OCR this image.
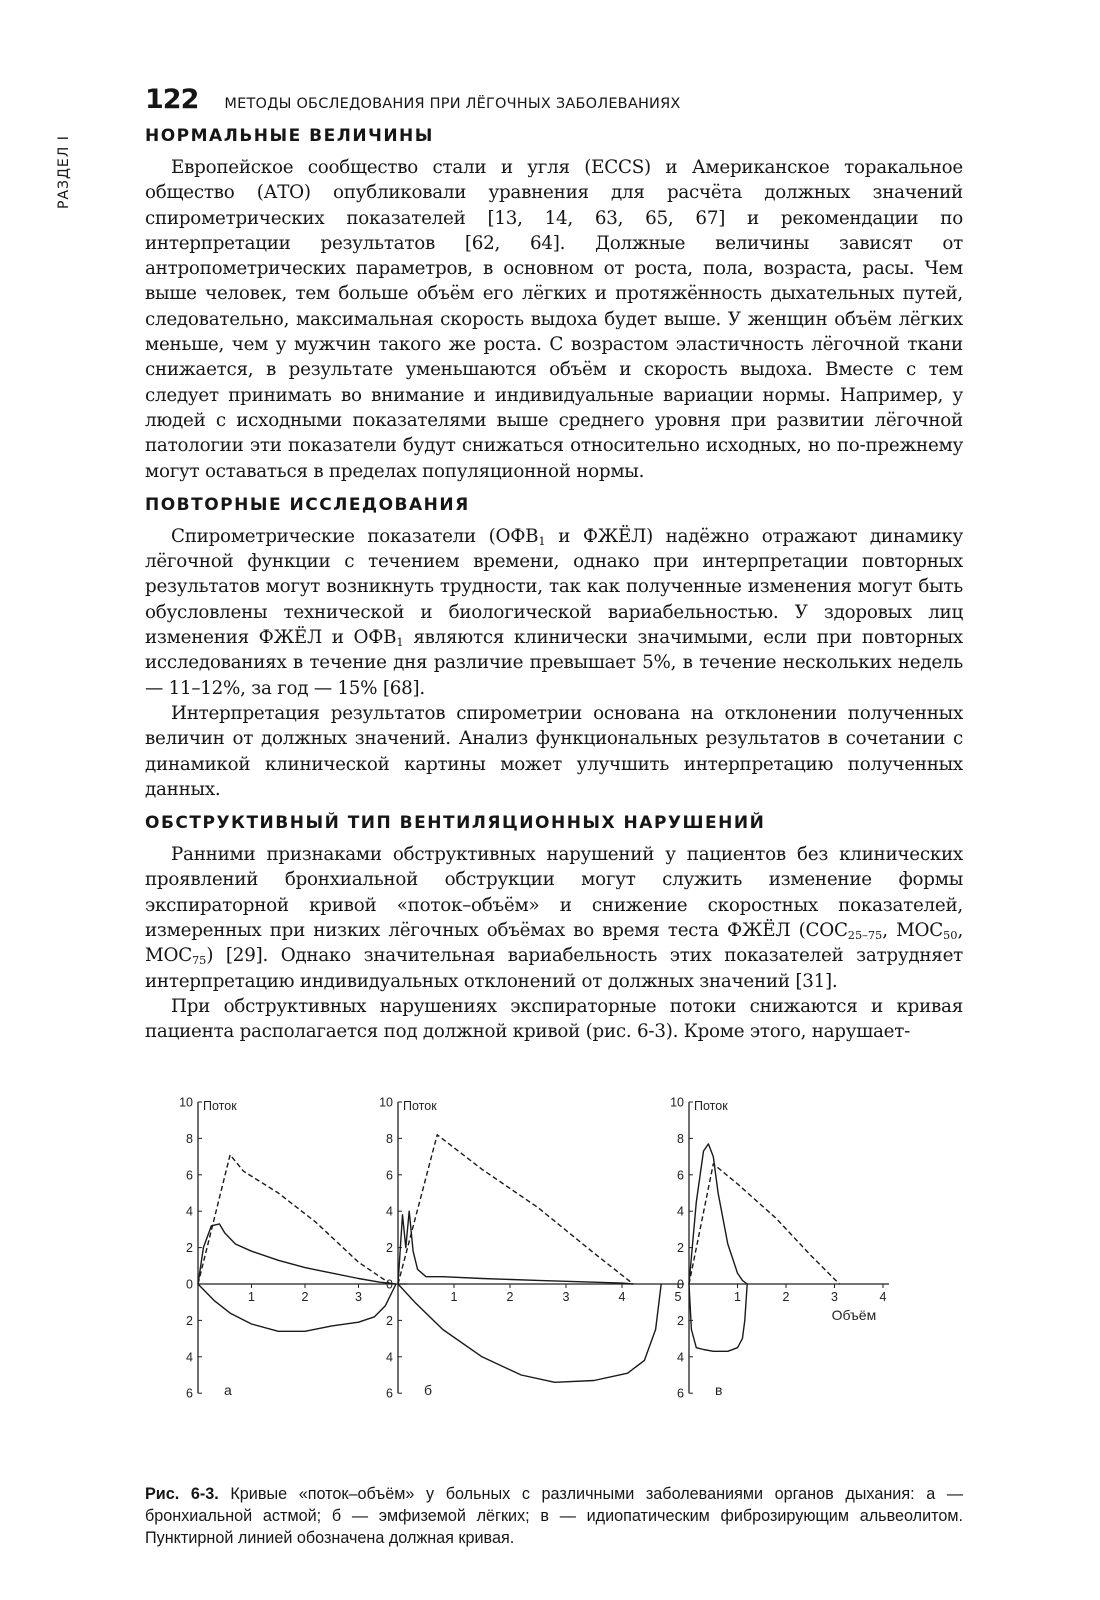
РАЗДЕЛ I
122 МЕТОДЫ ОБСЛЕДОВАНИЯ ПРИ ЛЁГОЧНЫХ ЗАБОЛЕВАНИЯХ
НОРМАЛЬНЫЕ ВЕЛИЧИНЫ

Европейское сообщество стали и угля (ECCS) и Американское торакальное общество (АТО) опубликовали уравнения для расчёта должных значений спирометрических показателей [13, 14, 63, 65, 67] и рекомендации по интерпретации результатов [62, 64]. Должные величины зависят от антропометрических параметров, в основном от роста, пола, возраста, расы. Чем выше человек, тем больше объём его лёгких и протяжённость дыхательных путей, следовательно, максимальная скорость выдоха будет выше. У женщин объём лёгких меньше, чем у мужчин такого же роста. С возрастом эластичность лёгочной ткани снижается, в результате уменьшаются объём и скорость выдоха. Вместе с тем следует принимать во внимание и индивидуальные вариации нормы. Например, у людей с исходными показателями выше среднего уровня при развитии лёгочной патологии эти показатели будут снижаться относительно исходных, но по-прежнему могут оставаться в пределах популяционной нормы.

ПОВТОРНЫЕ ИССЛЕДОВАНИЯ

Спирометрические показатели ($ОФВ_1$ и ФЖЁЛ) надёжно отражают динамику лёгочной функции с течением времени, однако при интерпретации повторных результатов могут возникнуть трудности, так как полученные изменения могут быть обусловлены технической и биологической вариабельностью. У здоровых лиц изменения ФЖЁЛ и $ОФВ_1$ являются клинически значимыми, если при повторных исследованиях в течение дня различие превышает 5%, в течение нескольких недель — 11–12%, за год — 15% [68].

Интерпретация результатов спирометрии основана на отклонении полученных величин от должных значений. Анализ функциональных результатов в сочетании с динамикой клинической картины может улучшить интерпретацию полученных данных.

ОБСТРУКТИВНЫЙ ТИП ВЕНТИЛЯЦИОННЫХ НАРУШЕНИЙ

Ранними признаками обструктивных нарушений у пациентов без клинических проявлений бронхиальной обструкции могут служить изменение формы экспираторной кривой «поток–объём» и снижение скоростных показателей, измеренных при низких лёгочных объёмах во время теста ФЖЁЛ ($СОС_{25-75}$, $МОС_{50}$, $МОС_{75}$) [29]. Однако значительная вариабельность этих показателей затрудняет интерпретацию индивидуальных отклонений от должных значений [31].

При обструктивных нарушениях экспираторные потоки снижаются и кривая пациента располагается под должной кривой (рис. 6-3). Кроме этого, нарушает-

10
8
6
4
2
0
2
4
6
1	2	3
Поток
а
10
8
6
4
2
0
2
4
6
1	2	3	4	5
Поток
б
10
8
6
4
2
0
2
4
6
1	2	3	4
Поток
Объём
в
Рис. 6-3. Кривые «поток–объём» у больных с различными заболеваниями органов дыхания: а — бронхиальной астмой; б — эмфиземой лёгких; в — идиопатическим фиброзирующим альвеолитом. Пунктирной линией обозначена должная кривая.
